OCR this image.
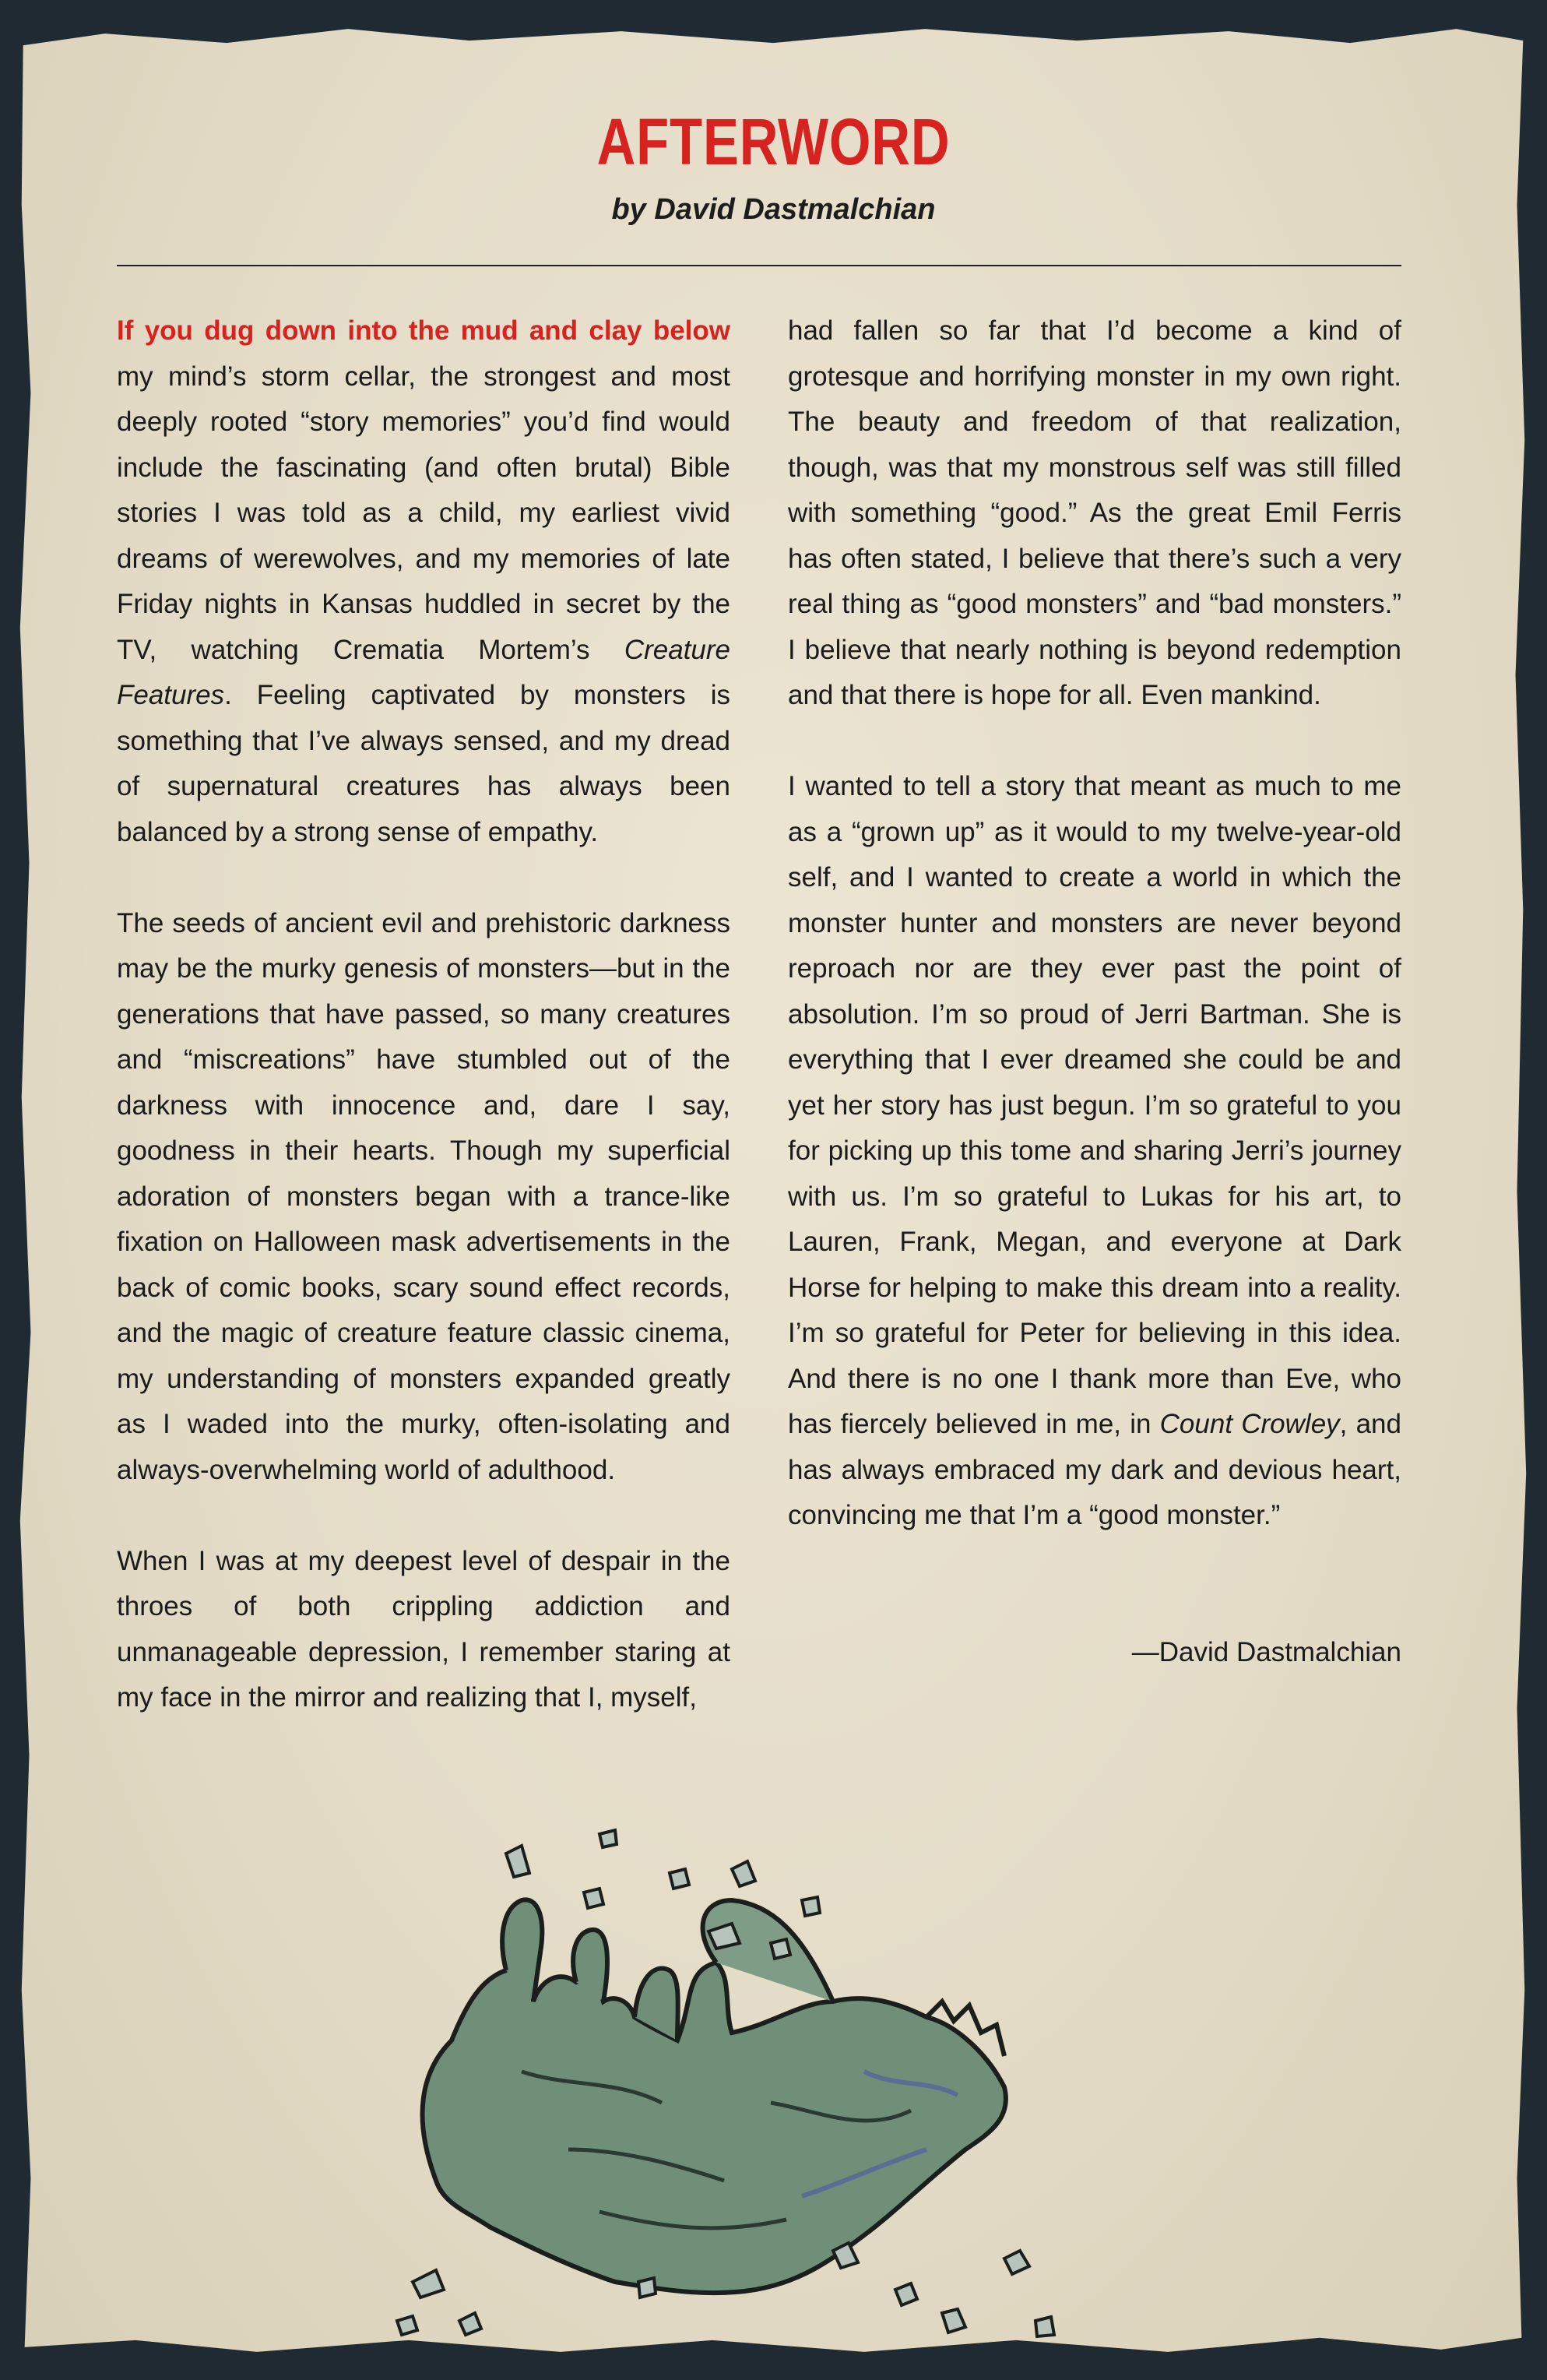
AFTERWORD
by David Dastmalchian

If you dug down into the mud and clay below my mind’s storm cellar, the strongest and most deeply rooted “story memories” you’d find would include the fascinating (and often brutal) Bible stories I was told as a child, my earliest vivid dreams of werewolves, and my memories of late Friday nights in Kansas huddled in secret by the TV, watching Crematia Mortem’s Creature Features. Feeling captivated by monsters is something that I’ve always sensed, and my dread of supernatural creatures has always been balanced by a strong sense of empathy.

The seeds of ancient evil and prehistoric darkness may be the murky genesis of monsters—but in the generations that have passed, so many creatures and “miscreations” have stumbled out of the darkness with innocence and, dare I say, goodness in their hearts. Though my superficial adoration of monsters began with a trance-like fixation on Halloween mask advertisements in the back of comic books, scary sound effect records, and the magic of creature feature classic cinema, my understanding of monsters expanded greatly as I waded into the murky, often-isolating and always-overwhelming world of adulthood.

When I was at my deepest level of despair in the throes of both crippling addiction and unmanageable depression, I remember staring at my face in the mirror and realizing that I, myself,

had fallen so far that I’d become a kind of grotesque and horrifying monster in my own right. The beauty and freedom of that realization, though, was that my monstrous self was still filled with something “good.” As the great Emil Ferris has often stated, I believe that there’s such a very real thing as “good monsters” and “bad monsters.” I believe that nearly nothing is beyond redemption and that there is hope for all. Even mankind.

I wanted to tell a story that meant as much to me as a “grown up” as it would to my twelve-year-old self, and I wanted to create a world in which the monster hunter and monsters are never beyond reproach nor are they ever past the point of absolution. I’m so proud of Jerri Bartman. She is everything that I ever dreamed she could be and yet her story has just begun. I’m so grateful to you for picking up this tome and sharing Jerri’s journey with us. I’m so grateful to Lukas for his art, to Lauren, Frank, Megan, and everyone at Dark Horse for helping to make this dream into a reality. I’m so grateful for Peter for believing in this idea. And there is no one I thank more than Eve, who has fiercely believed in me, in Count Crowley, and has always embraced my dark and devious heart, convincing me that I’m a “good monster.”

—David Dastmalchian
